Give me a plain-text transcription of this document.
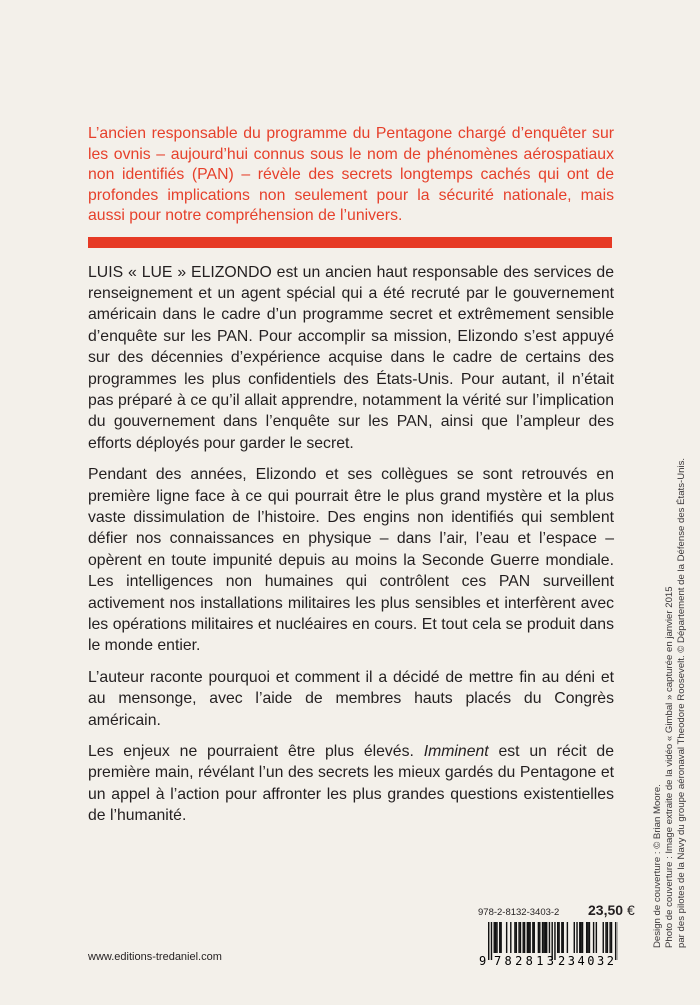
L’ancien responsable du programme du Pentagone chargé d’enquêter sur les ovnis – aujourd’hui connus sous le nom de phénomènes aérospatiaux non identifiés (PAN) – révèle des secrets longtemps cachés qui ont de profondes implications non seulement pour la sécurité nationale, mais aussi pour notre compréhension de l’univers.

LUIS « LUE » ELIZONDO est un ancien haut responsable des services de renseignement et un agent spécial qui a été recruté par le gouvernement américain dans le cadre d’un programme secret et extrêmement sensible d’enquête sur les PAN. Pour accomplir sa mission, Elizondo s’est appuyé sur des décennies d’expérience acquise dans le cadre de certains des programmes les plus confidentiels des États-Unis. Pour autant, il n’était pas préparé à ce qu’il allait apprendre, notamment la vérité sur l’implication du gouvernement dans l’enquête sur les PAN, ainsi que l’ampleur des efforts déployés pour garder le secret.

Pendant des années, Elizondo et ses collègues se sont retrouvés en première ligne face à ce qui pourrait être le plus grand mystère et la plus vaste dissimulation de l’histoire. Des engins non identifiés qui semblent défier nos connaissances en physique – dans l’air, l’eau et l’espace – opèrent en toute impunité depuis au moins la Seconde Guerre mondiale. Les intelligences non humaines qui contrôlent ces PAN surveillent activement nos installations militaires les plus sensibles et interfèrent avec les opérations militaires et nucléaires en cours. Et tout cela se produit dans le monde entier.

L’auteur raconte pourquoi et comment il a décidé de mettre fin au déni et au mensonge, avec l’aide de membres hauts placés du Congrès américain.

Les enjeux ne pourraient être plus élevés. Imminent est un récit de première main, révélant l’un des secrets les mieux gardés du Pentagone et un appel à l’action pour affronter les plus grandes questions existentielles de l’humanité.

978-2-8132-3403-2 23,50 €
9 782813 234032
www.editions-tredaniel.com
Design de couverture : © Brian Moore. Photo de couverture : Image extraite de la vidéo « Gimbal » capturée en janvier 2015 par des pilotes de la Navy du groupe aéronaval Theodore Roosevelt. © Département de la Défense des États-Unis.
